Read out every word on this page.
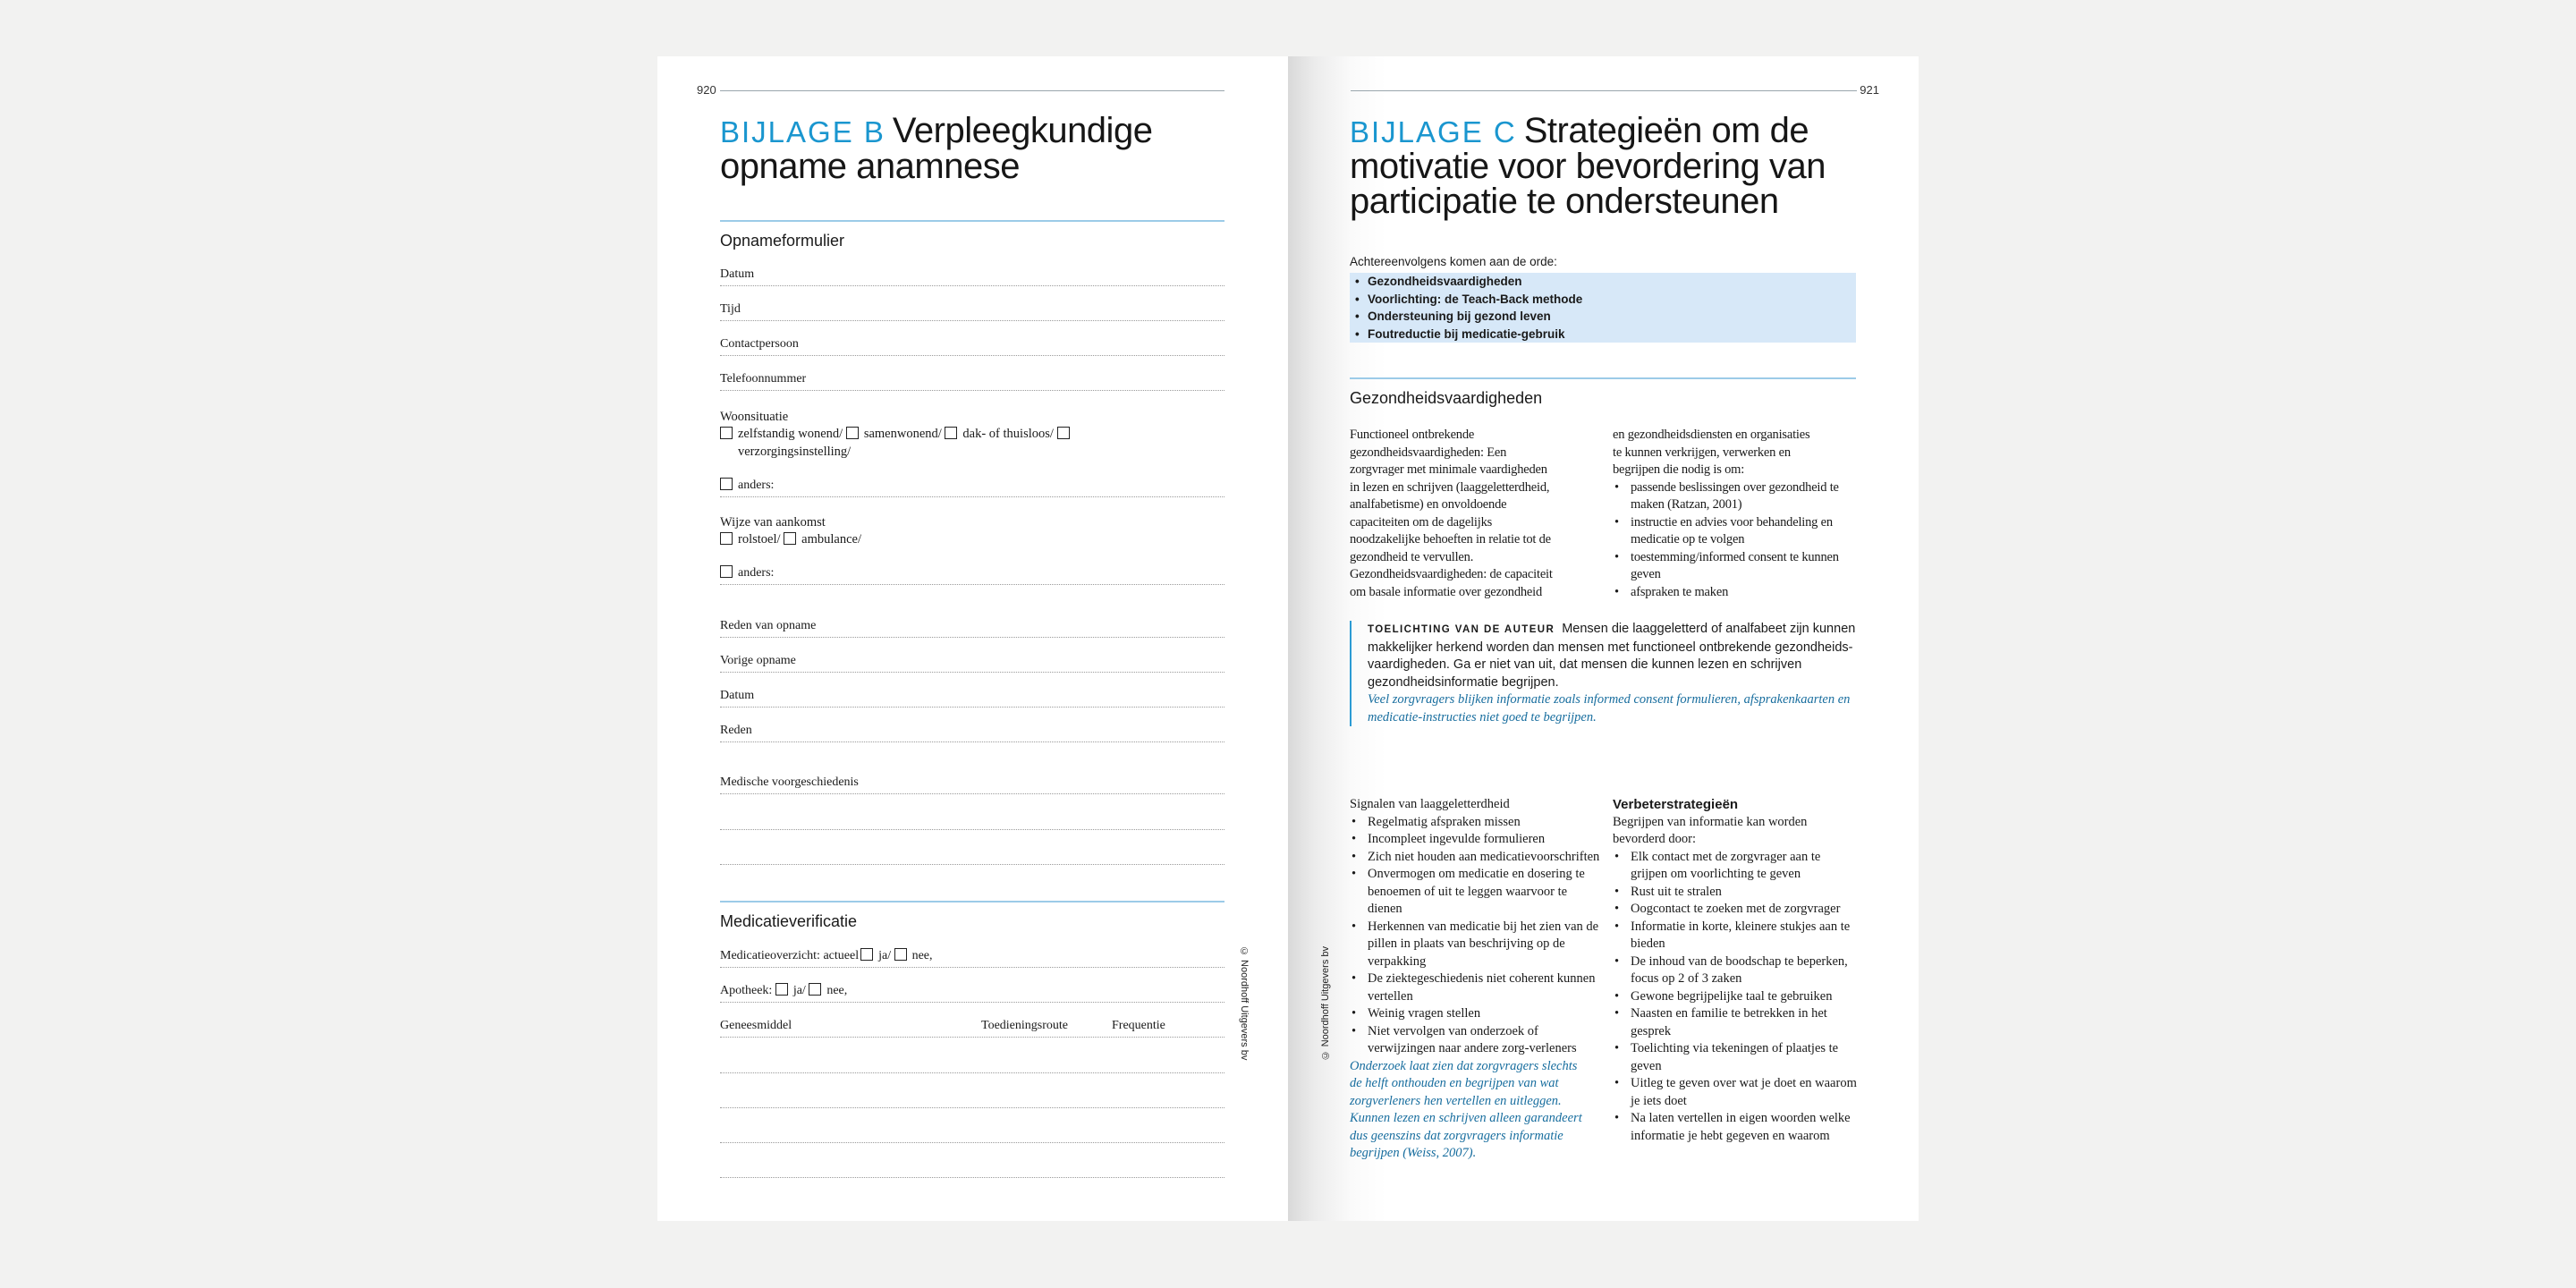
920
BIJLAGE B Verpleegkundige
opname anamnese
Opnameformulier
Datum
Tijd
Contactpersoon
Telefoonnummer
Woonsituatie
zelfstandig wonend/ samenwonend/ dak- of thuisloos/
verzorgingsinstelling/
anders:
Wijze van aankomst
rolstoel/ ambulance/
anders:
Reden van opname
Vorige opname
Datum
Reden
Medische voorgeschiedenis
Medicatieverificatie
Medicatieoverzicht: actueel ja/ nee,
Apotheek: ja/ nee,
Geneesmiddel	Toedieningsroute	Frequentie	© Noordhoff Uitgevers bv
921
BIJLAGE C Strategieën om de
motivatie voor bevordering van
participatie te ondersteunen
Achtereenvolgens komen aan de orde:
• Gezondheidsvaardigheden
• Voorlichting: de Teach-Back methode
• Ondersteuning bij gezond leven
• Foutreductie bij medicatie-gebruik
Gezondheidsvaardigheden
Functioneel ontbrekende
gezondheidsvaardigheden: Een
zorgvrager met minimale vaardigheden
in lezen en schrijven (laaggeletterdheid,
analfabetisme) en onvoldoende
capaciteiten om de dagelijks
noodzakelijke behoeften in relatie tot de
gezondheid te vervullen.
Gezondheidsvaardigheden: de capaciteit
om basale informatie over gezondheid
en gezondheidsdiensten en organisaties
te kunnen verkrijgen, verwerken en
begrijpen die nodig is om:
• passende beslissingen over gezondheid te maken (Ratzan, 2001)
• instructie en advies voor behandeling en medicatie op te volgen
• toestemming/informed consent te kunnen geven
• afspraken te maken
TOELICHTING VAN DE AUTEUR Mensen die laaggeletterd of analfabeet zijn kunnen makkelijker herkend worden dan mensen met functioneel ontbrekende gezondheids- vaardigheden. Ga er niet van uit, dat mensen die kunnen lezen en schrijven gezondheidsinformatie begrijpen.
Veel zorgvragers blijken informatie zoals informed consent formulieren, afsprakenkaarten en medicatie-instructies niet goed te begrijpen.
Signalen van laaggeletterdheid
• Regelmatig afspraken missen
• Incompleet ingevulde formulieren
• Zich niet houden aan medicatievoorschriften
• Onvermogen om medicatie en dosering te benoemen of uit te leggen waarvoor te dienen
• Herkennen van medicatie bij het zien van de pillen in plaats van beschrijving op de verpakking
• De ziektegeschiedenis niet coherent kunnen vertellen
• Weinig vragen stellen
• Niet vervolgen van onderzoek of verwijzingen naar andere zorg-verleners
Onderzoek laat zien dat zorgvragers slechts de helft onthouden en begrijpen van wat zorgverleners hen vertellen en uitleggen. Kunnen lezen en schrijven alleen garandeert dus geenszins dat zorgvragers informatie begrijpen (Weiss, 2007).
Verbeterstrategieën
Begrijpen van informatie kan worden bevorderd door:
• Elk contact met de zorgvrager aan te grijpen om voorlichting te geven
• Rust uit te stralen
• Oogcontact te zoeken met de zorgvrager
• Informatie in korte, kleinere stukjes aan te bieden
• De inhoud van de boodschap te beperken, focus op 2 of 3 zaken
• Gewone begrijpelijke taal te gebruiken
• Naasten en familie te betrekken in het gesprek
• Toelichting via tekeningen of plaatjes te geven
• Uitleg te geven over wat je doet en waarom je iets doet
• Na laten vertellen in eigen woorden welke informatie je hebt gegeven en waarom
© Noordhoff Uitgevers bv
